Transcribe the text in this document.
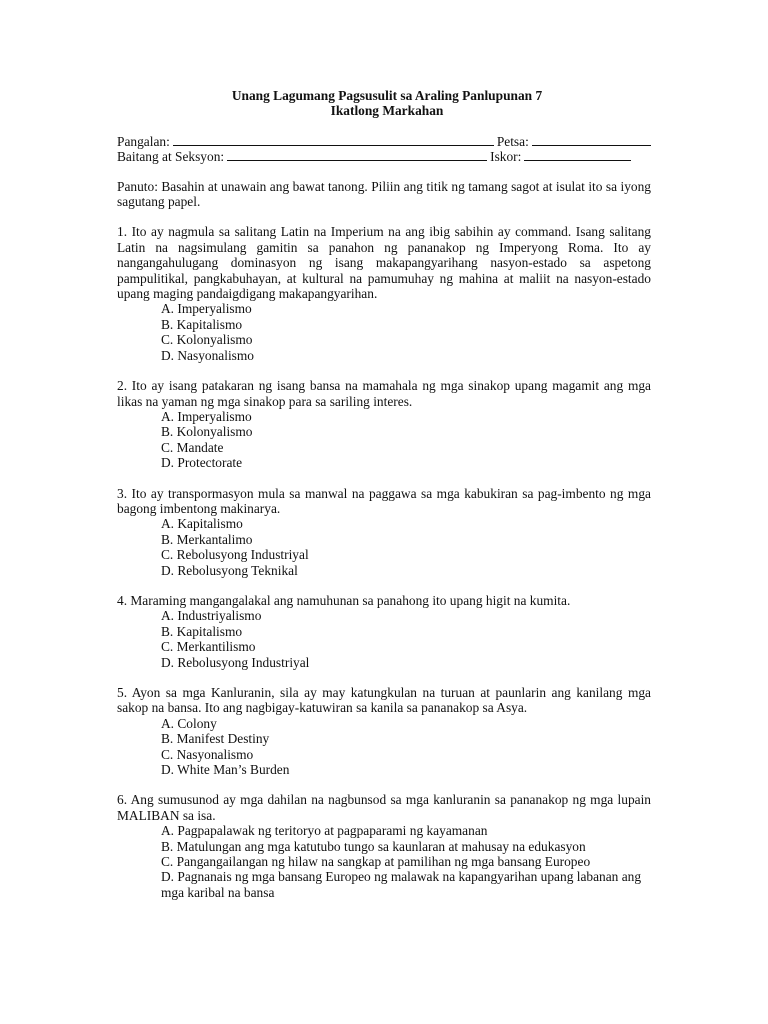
Unang Lagumang Pagsusulit sa Araling Panlupunan 7
Ikatlong Markahan
Pangalan:	Petsa:
Baitang at Seksyon:	Iskor:
Panuto: Basahin at unawain ang bawat tanong. Piliin ang titik ng tamang sagot at isulat ito sa iyong sagutang papel.
1. Ito ay nagmula sa salitang Latin na Imperium na ang ibig sabihin ay command. Isang salitang Latin na nagsimulang gamitin sa panahon ng pananakop ng Imperyong Roma. Ito ay nangangahulugang dominasyon ng isang makapangyarihang nasyon-estado sa aspetong pampulitikal, pangkabuhayan, at kultural na pamumuhay ng mahina at maliit na nasyon-estado upang maging pandaigdigang makapangyarihan.
A. Imperyalismo
B. Kapitalismo
C. Kolonyalismo
D. Nasyonalismo
2. Ito ay isang patakaran ng isang bansa na mamahala ng mga sinakop upang magamit ang mga likas na yaman ng mga sinakop para sa sariling interes.
A. Imperyalismo
B. Kolonyalismo
C. Mandate
D. Protectorate
3. Ito ay transpormasyon mula sa manwal na paggawa sa mga kabukiran sa pag-imbento ng mga bagong imbentong makinarya.
A. Kapitalismo
B. Merkantalimo
C. Rebolusyong Industriyal
D. Rebolusyong Teknikal
4. Maraming mangangalakal ang namuhunan sa panahong ito upang higit na kumita.
A. Industriyalismo
B. Kapitalismo
C. Merkantilismo
D. Rebolusyong Industriyal
5. Ayon sa mga Kanluranin, sila ay may katungkulan na turuan at paunlarin ang kanilang mga sakop na bansa. Ito ang nagbigay-katuwiran sa kanila sa pananakop sa Asya.
A. Colony
B. Manifest Destiny
C. Nasyonalismo
D. White Man’s Burden
6. Ang sumusunod ay mga dahilan na nagbunsod sa mga kanluranin sa pananakop ng mga lupain MALIBAN sa isa.
A. Pagpapalawak ng teritoryo at pagpaparami ng kayamanan
B. Matulungan ang mga katutubo tungo sa kaunlaran at mahusay na edukasyon
C. Pangangailangan ng hilaw na sangkap at pamilihan ng mga bansang Europeo
D. Pagnanais ng mga bansang Europeo ng malawak na kapangyarihan upang labanan ang mga karibal na bansa
